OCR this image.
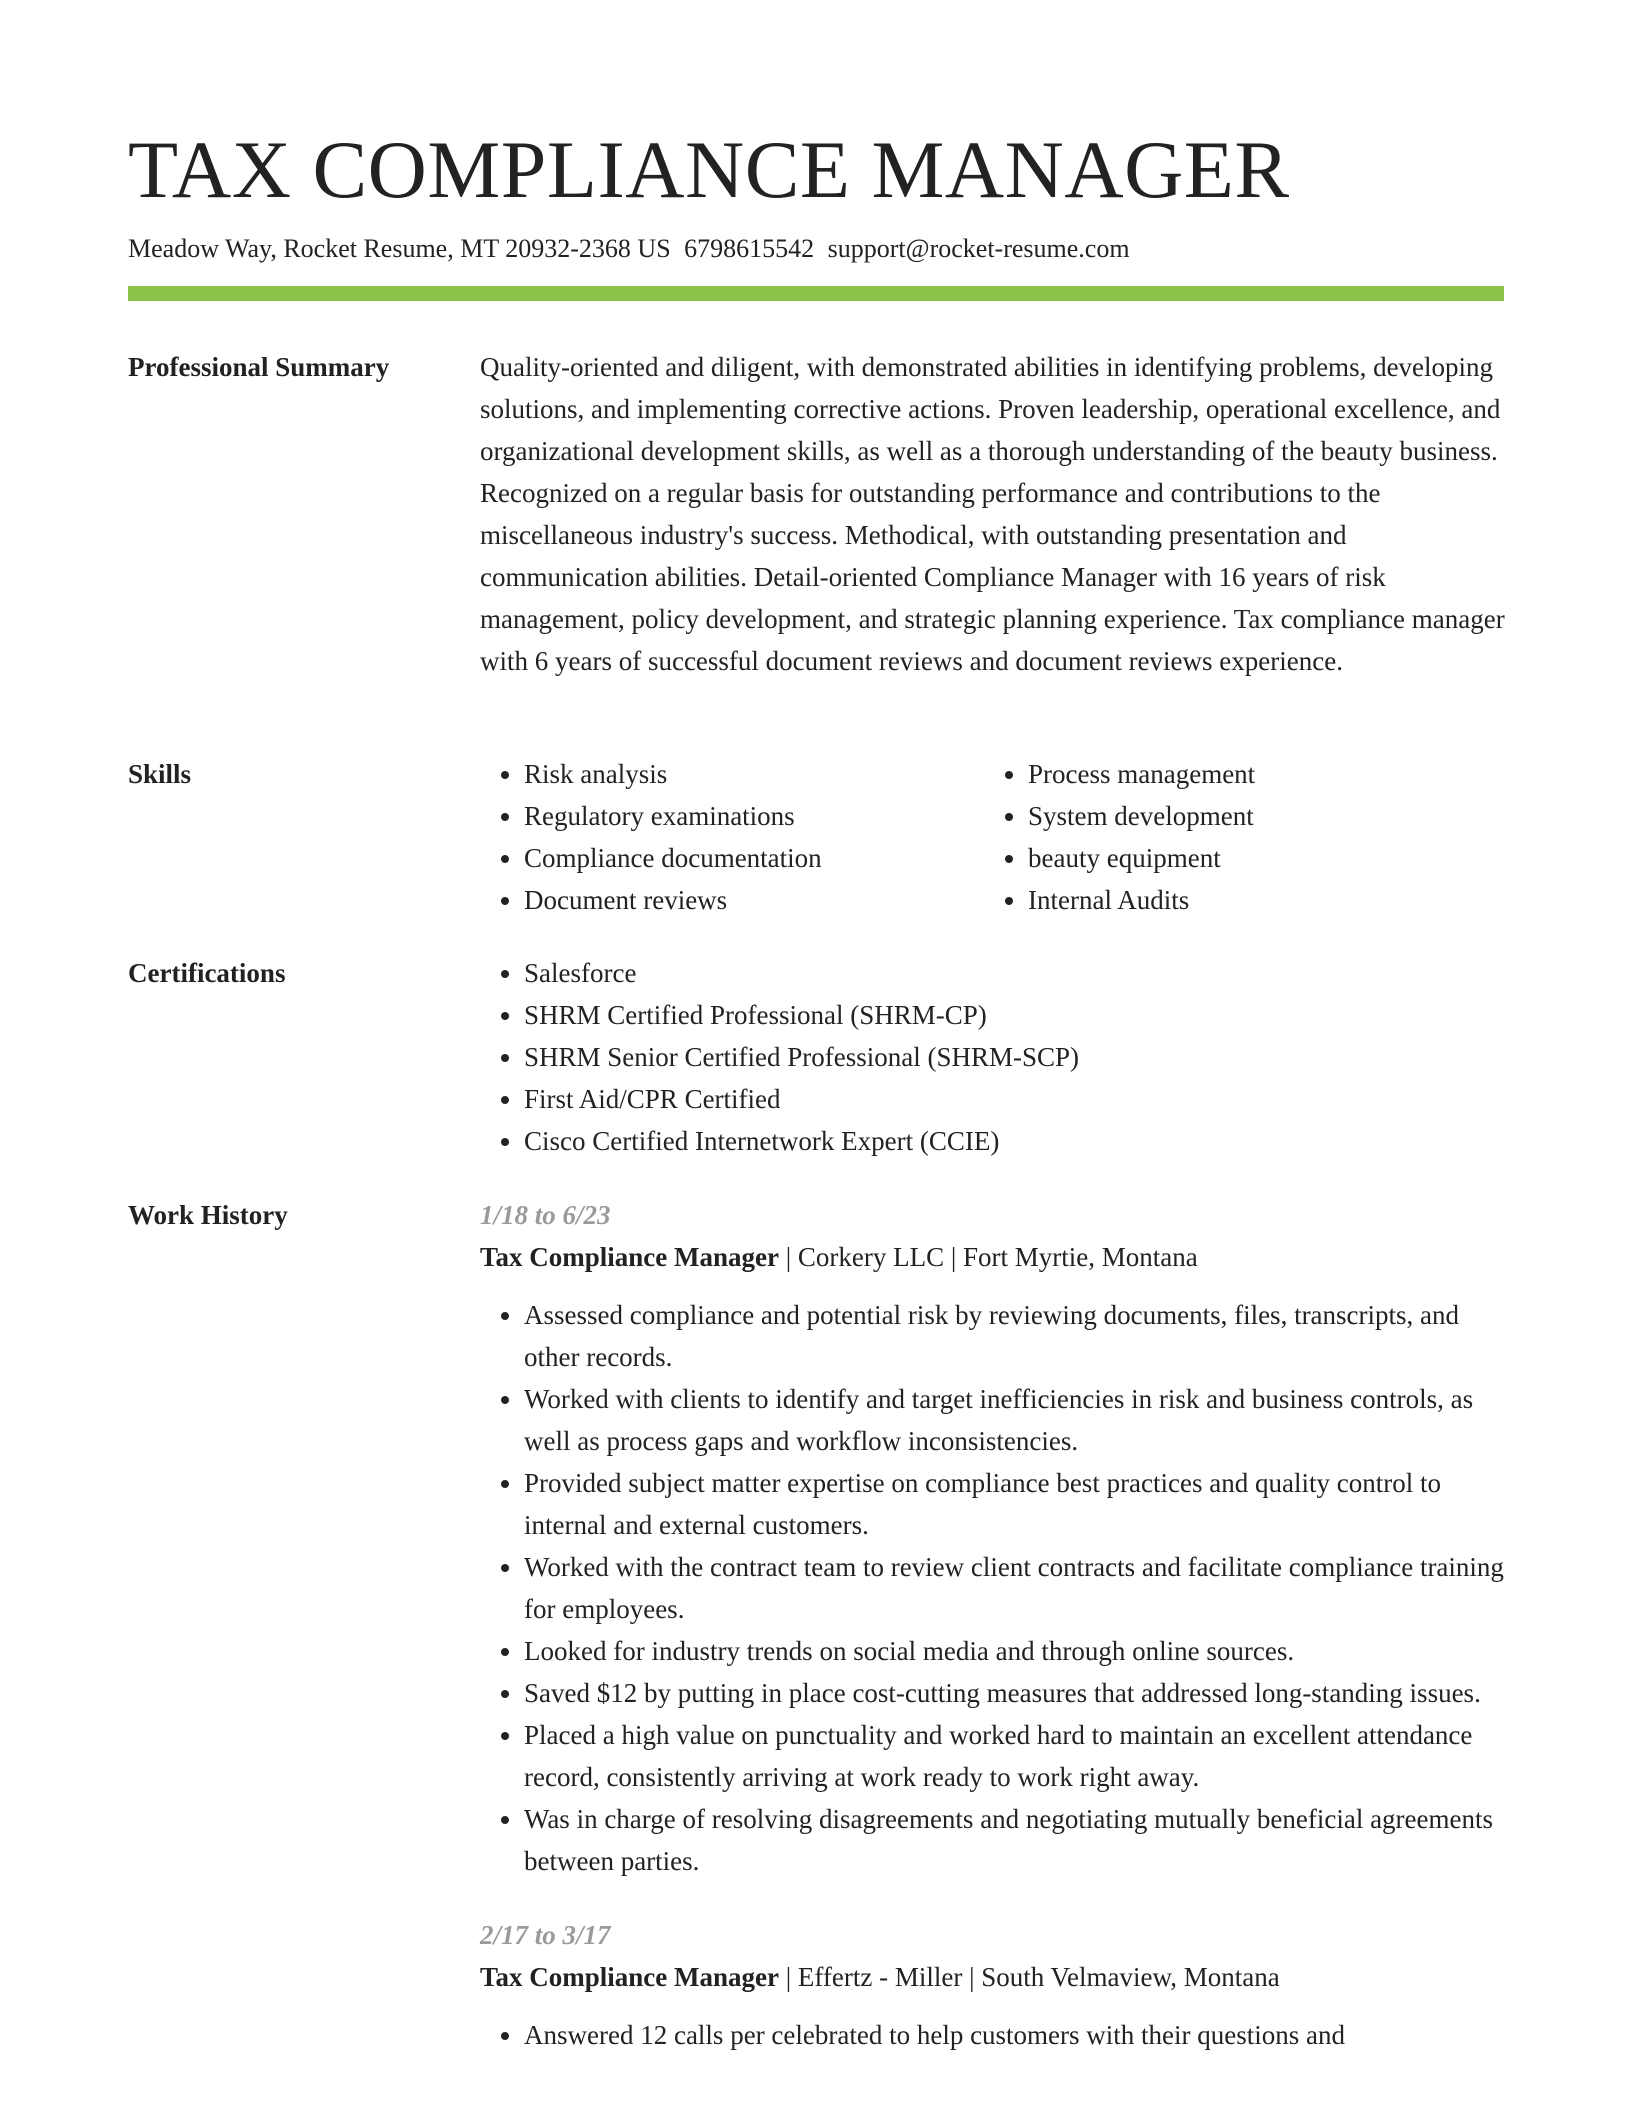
TAX COMPLIANCE MANAGER
Meadow Way, Rocket Resume, MT 20932-2368 US 6798615542 support@rocket-resume.com
Professional Summary	Quality-oriented and diligent, with demonstrated abilities in identifying problems, developing solutions, and implementing corrective actions. Proven leadership, operational excellence, and organizational development skills, as well as a thorough understanding of the beauty business. Recognized on a regular basis for outstanding performance and contributions to the miscellaneous industry's success. Methodical, with outstanding presentation and communication abilities. Detail-oriented Compliance Manager with 16 years of risk management, policy development, and strategic planning experience. Tax compliance manager with 6 years of successful document reviews and document reviews experience.
Skills	• Risk analysis
• Regulatory examinations
• Compliance documentation
• Document reviews
• Process management
• System development
• beauty equipment
• Internal Audits
Certifications	• Salesforce
• SHRM Certified Professional (SHRM-CP)
• SHRM Senior Certified Professional (SHRM-SCP)
• First Aid/CPR Certified
• Cisco Certified Internetwork Expert (CCIE)
Work History	1/18 to 6/23
Tax Compliance Manager | Corkery LLC | Fort Myrtie, Montana
• Assessed compliance and potential risk by reviewing documents, files, transcripts, and other records.
• Worked with clients to identify and target inefficiencies in risk and business controls, as well as process gaps and workflow inconsistencies.
• Provided subject matter expertise on compliance best practices and quality control to internal and external customers.
• Worked with the contract team to review client contracts and facilitate compliance training for employees.
• Looked for industry trends on social media and through online sources.
• Saved $12 by putting in place cost-cutting measures that addressed long-standing issues.
• Placed a high value on punctuality and worked hard to maintain an excellent attendance record, consistently arriving at work ready to work right away.
• Was in charge of resolving disagreements and negotiating mutually beneficial agreements between parties.
2/17 to 3/17
Tax Compliance Manager | Effertz - Miller | South Velmaview, Montana
• Answered 12 calls per celebrated to help customers with their questions and
